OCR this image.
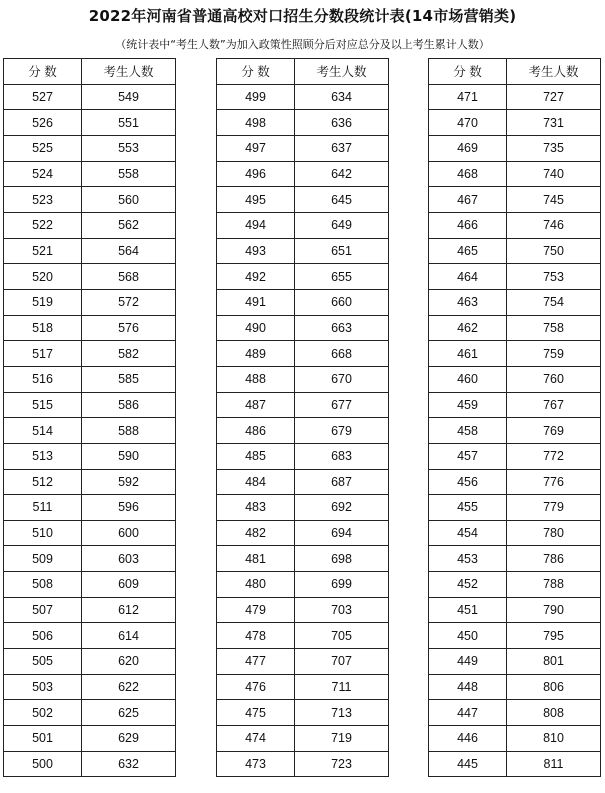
2022年河南省普通高校对口招生分数段统计表(14市场营销类)
（统计表中“考生人数”为加入政策性照顾分后对应总分及以上考生累计人数）
分 数	考生人数
527	549
526	551
525	553
524	558
523	560
522	562
521	564
520	568
519	572
518	576
517	582
516	585
515	586
514	588
513	590
512	592
511	596
510	600
509	603
508	609
507	612
506	614
505	620
503	622
502	625
501	629
500	632
分 数	考生人数
499	634
498	636
497	637
496	642
495	645
494	649
493	651
492	655
491	660
490	663
489	668
488	670
487	677
486	679
485	683
484	687
483	692
482	694
481	698
480	699
479	703
478	705
477	707
476	711
475	713
474	719
473	723
分 数	考生人数
471	727
470	731
469	735
468	740
467	745
466	746
465	750
464	753
463	754
462	758
461	759
460	760
459	767
458	769
457	772
456	776
455	779
454	780
453	786
452	788
451	790
450	795
449	801
448	806
447	808
446	810
445	811
